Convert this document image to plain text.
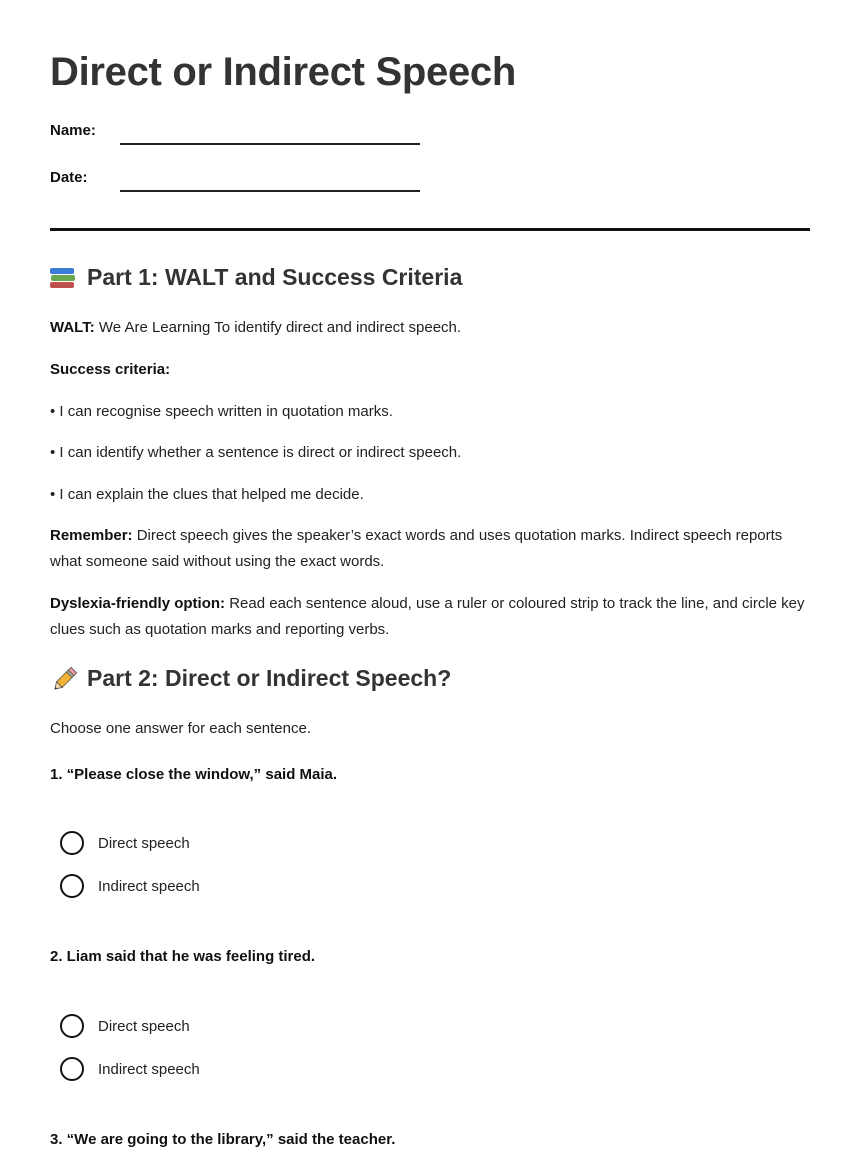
Direct or Indirect Speech
Name:
Date:
Part 1: WALT and Success Criteria
WALT: We Are Learning To identify direct and indirect speech.
Success criteria:
• I can recognise speech written in quotation marks.
• I can identify whether a sentence is direct or indirect speech.
• I can explain the clues that helped me decide.
Remember: Direct speech gives the speaker’s exact words and uses quotation marks. Indirect speech reports what someone said without using the exact words.
Dyslexia-friendly option: Read each sentence aloud, use a ruler or coloured strip to track the line, and circle key clues such as quotation marks and reporting verbs.
Part 2: Direct or Indirect Speech?
Choose one answer for each sentence.
1. “Please close the window,” said Maia.
Direct speech
Indirect speech
2. Liam said that he was feeling tired.
Direct speech
Indirect speech
3. “We are going to the library,” said the teacher.
